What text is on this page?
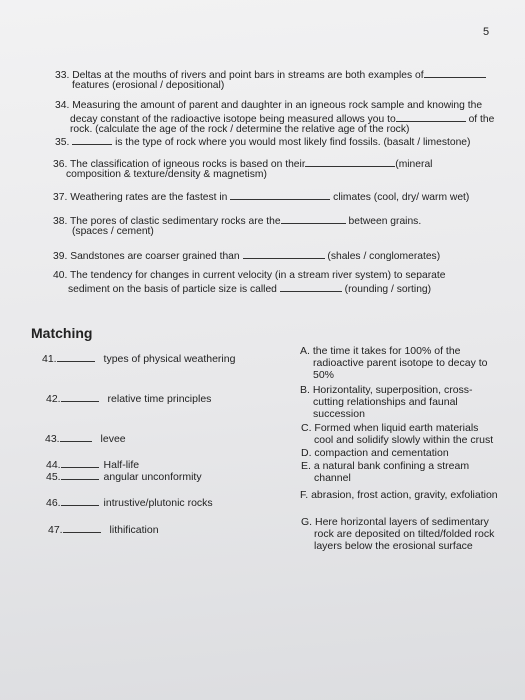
5
33. Deltas at the mouths of rivers and point bars in streams are both examples of
features (erosional / depositional)
34. Measuring the amount of parent and daughter in an igneous rock sample and knowing the
decay constant of the radioactive isotope being measured allows you to	of the
rock. (calculate the age of the rock / determine the relative age of the rock)
35.	is the type of rock where you would most likely find fossils. (basalt / limestone)
36. The classification of igneous rocks is based on their	(mineral
composition & texture/density & magnetism)
37. Weathering rates are the fastest in	climates (cool, dry/ warm wet)
38. The pores of clastic sedimentary rocks are the	between grains.
(spaces / cement)
39. Sandstones are coarser grained than	(shales / conglomerates)
40. The tendency for changes in current velocity (in a stream river system) to separate
sediment on the basis of particle size is called	(rounding / sorting)
Matching
41.	types of physical weathering
42.	relative time principles
43.	levee
44.	Half-life
45.	angular unconformity
46.	intrustive/plutonic rocks
47.	lithification
A. the time it takes for 100% of the
radioactive parent isotope to decay to
50%
B. Horizontality, superposition, cross-
cutting relationships and faunal
succession
C. Formed when liquid earth materials
cool and solidify slowly within the crust
D. compaction and cementation
E. a natural bank confining a stream
channel
F. abrasion, frost action, gravity, exfoliation
G. Here horizontal layers of sedimentary
rock are deposited on tilted/folded rock
layers below the erosional surface
